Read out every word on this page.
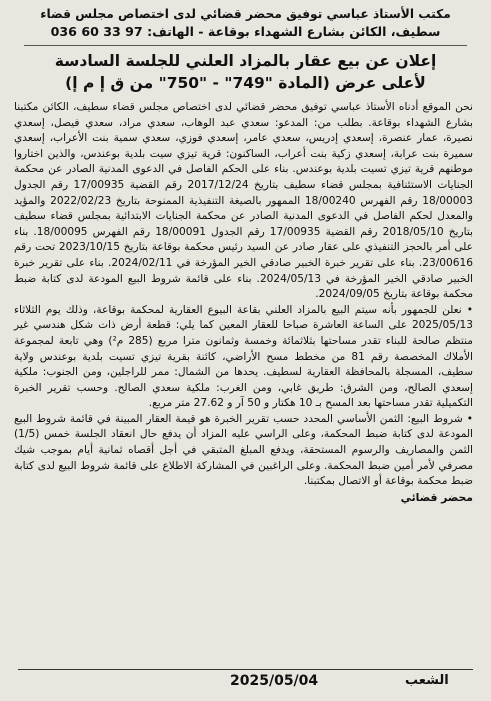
مكتب الأستاذ عباسي توفيق محضر قضائي لدى اختصاص مجلس قضاء
سطيف، الكائن بشارع الشهداء بوقاعة - الهاتف: 036 60 33 97
إعلان عن بيع عقار بالمزاد العلني للجلسة السادسة
لأعلى عرض (المادة "749" - "750" من ق إ م إ)

نحن الموقع أدناه الأستاذ عباسي توفيق محضر قضائي لدى اختصاص مجلس قضاء سطيف، الكائن مكتبنا بشارع الشهداء بوقاعة. بطلب من: المدعو: سعدي عبد الوهاب، سعدي مراد، سعدي فيصل، إسعدي نصيرة، عمار عنصرة، إسعدي إدريس، سعدي عامر، إسعدي فوزي، سعدي سمية بنت الأعراب، إسعدي سميرة بنت عرابة، إسعدي زكية بنت أعراب، الساكنون: قرية تيزي سيت بلدية بوعندس، والذين اختاروا موطنهم قرية تيزي تسيت بلدية بوعندس. بناء على الحكم الفاصل في الدعوى المدنية الصادر عن محكمة الجنايات الاستئنافية بمجلس قضاء سطيف بتاريخ 2017/12/24 رقم القضية 17/00935 رقم الجدول 18/00003 رقم الفهرس 18/00240 الممهور بالصيغة التنفيذية الممنوحة بتاريخ 2022/02/23 والمؤيد والمعدل لحكم الفاصل في الدعوى المدنية الصادر عن محكمة الجنايات الابتدائية بمجلس قضاء سطيف بتاريخ 2018/05/10 رقم القضية 17/00935 رقم الجدول 18/00091 رقم الفهرس 18/00095. بناء على أمر بالحجز التنفيذي على عقار صادر عن السيد رئيس محكمة بوقاعة بتاريخ 2023/10/15 تحت رقم 23/00616. بناء على تقرير خبرة الخبير صادقي الخير المؤرخة في 2024/02/11. بناء على تقرير خبرة الخبير صادقي الخير المؤرخة في 2024/05/13. بناء على قائمة شروط البيع المودعة لدى كتابة ضبط محكمة بوقاعة بتاريخ 2024/09/05.

• نعلن للجمهور بأنه سيتم البيع بالمزاد العلني بقاعة البيوع العقارية لمحكمة بوقاعة، وذلك يوم الثلاثاء 2025/05/13 على الساعة العاشرة صباحا للعقار المعين كما يلي: قطعة أرض ذات شكل هندسي غير منتظم صالحة للبناء تقدر مساحتها بثلاثمائة وخمسة وثمانون مترا مربع (285 م²) وهي تابعة لمجموعة الأملاك المخصصة رقم 81 من مخطط مسح الأراضي، كائنة بقرية تيزي تسيت بلدية بوعندس ولاية سطيف، المسجلة بالمحافظة العقارية لسطيف. يحدها من الشمال: ممر للراجلين، ومن الجنوب: ملكية إسعدي الصالح، ومن الشرق: طريق غابي، ومن الغرب: ملكية سعدي الصالح. وحسب تقرير الخبرة التكميلية تقدر مساحتها بعد المسح بـ 10 هكتار و 50 آر و 27.62 متر مربع.

• شروط البيع: الثمن الأساسي المحدد حسب تقرير الخبرة هو قيمة العقار المبينة في قائمة شروط البيع المودعة لدى كتابة ضبط المحكمة، وعلى الراسي عليه المزاد أن يدفع حال انعقاد الجلسة خمس (1/5) الثمن والمصاريف والرسوم المستحقة، ويدفع المبلغ المتبقي في أجل أقصاه ثمانية أيام بموجب شيك مصرفي لأمر أمين ضبط المحكمة. وعلى الراغبين في المشاركة الاطلاع على قائمة شروط البيع لدى كتابة ضبط محكمة بوقاعة أو الاتصال بمكتبنا.

محضر قضائي
2025/05/04	الشعب
